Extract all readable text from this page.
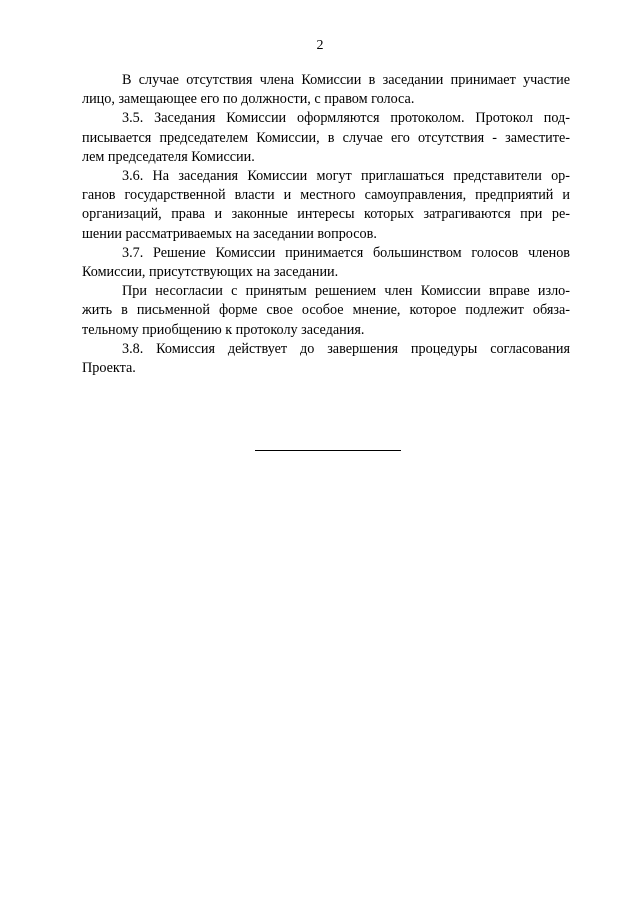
2

В случае отсутствия члена Комиссии в заседании принимает участие
лицо, замещающее его по должности, с правом голоса.

3.5. Заседания Комиссии оформляются протоколом. Протокол под-
писывается председателем Комиссии, в случае его отсутствия - заместите-
лем председателя Комиссии.

3.6. На заседания Комиссии могут приглашаться представители ор-
ганов государственной власти и местного самоуправления, предприятий и
организаций, права и законные интересы которых затрагиваются при ре-
шении рассматриваемых на заседании вопросов.

3.7. Решение Комиссии принимается большинством голосов членов
Комиссии, присутствующих на заседании.

При несогласии с принятым решением член Комиссии вправе изло-
жить в письменной форме свое особое мнение, которое подлежит обяза-
тельному приобщению к протоколу заседания.

3.8. Комиссия действует до завершения процедуры согласования
Проекта.
